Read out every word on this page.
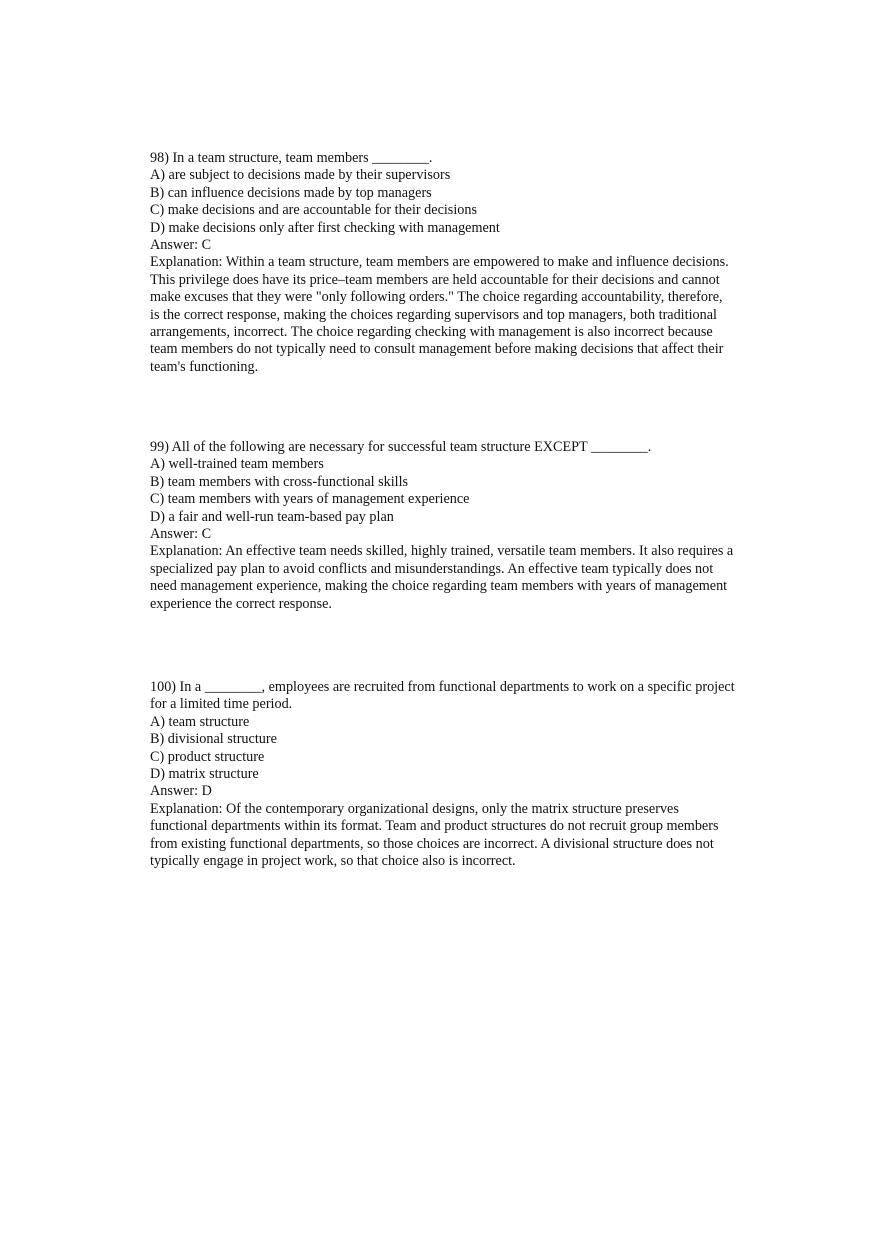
98) In a team structure, team members ________.
A) are subject to decisions made by their supervisors
B) can influence decisions made by top managers
C) make decisions and are accountable for their decisions
D) make decisions only after first checking with management
Answer: C
Explanation: Within a team structure, team members are empowered to make and influence decisions. This privilege does have its price–team members are held accountable for their decisions and cannot make excuses that they were "only following orders." The choice regarding accountability, therefore, is the correct response, making the choices regarding supervisors and top managers, both traditional arrangements, incorrect. The choice regarding checking with management is also incorrect because team members do not typically need to consult management before making decisions that affect their team's functioning.
99) All of the following are necessary for successful team structure EXCEPT ________.
A) well-trained team members
B) team members with cross-functional skills
C) team members with years of management experience
D) a fair and well-run team-based pay plan
Answer: C
Explanation: An effective team needs skilled, highly trained, versatile team members. It also requires a specialized pay plan to avoid conflicts and misunderstandings. An effective team typically does not need management experience, making the choice regarding team members with years of management experience the correct response.
100) In a ________, employees are recruited from functional departments to work on a specific project for a limited time period.
A) team structure
B) divisional structure
C) product structure
D) matrix structure
Answer: D
Explanation: Of the contemporary organizational designs, only the matrix structure preserves functional departments within its format. Team and product structures do not recruit group members from existing functional departments, so those choices are incorrect. A divisional structure does not typically engage in project work, so that choice also is incorrect.
